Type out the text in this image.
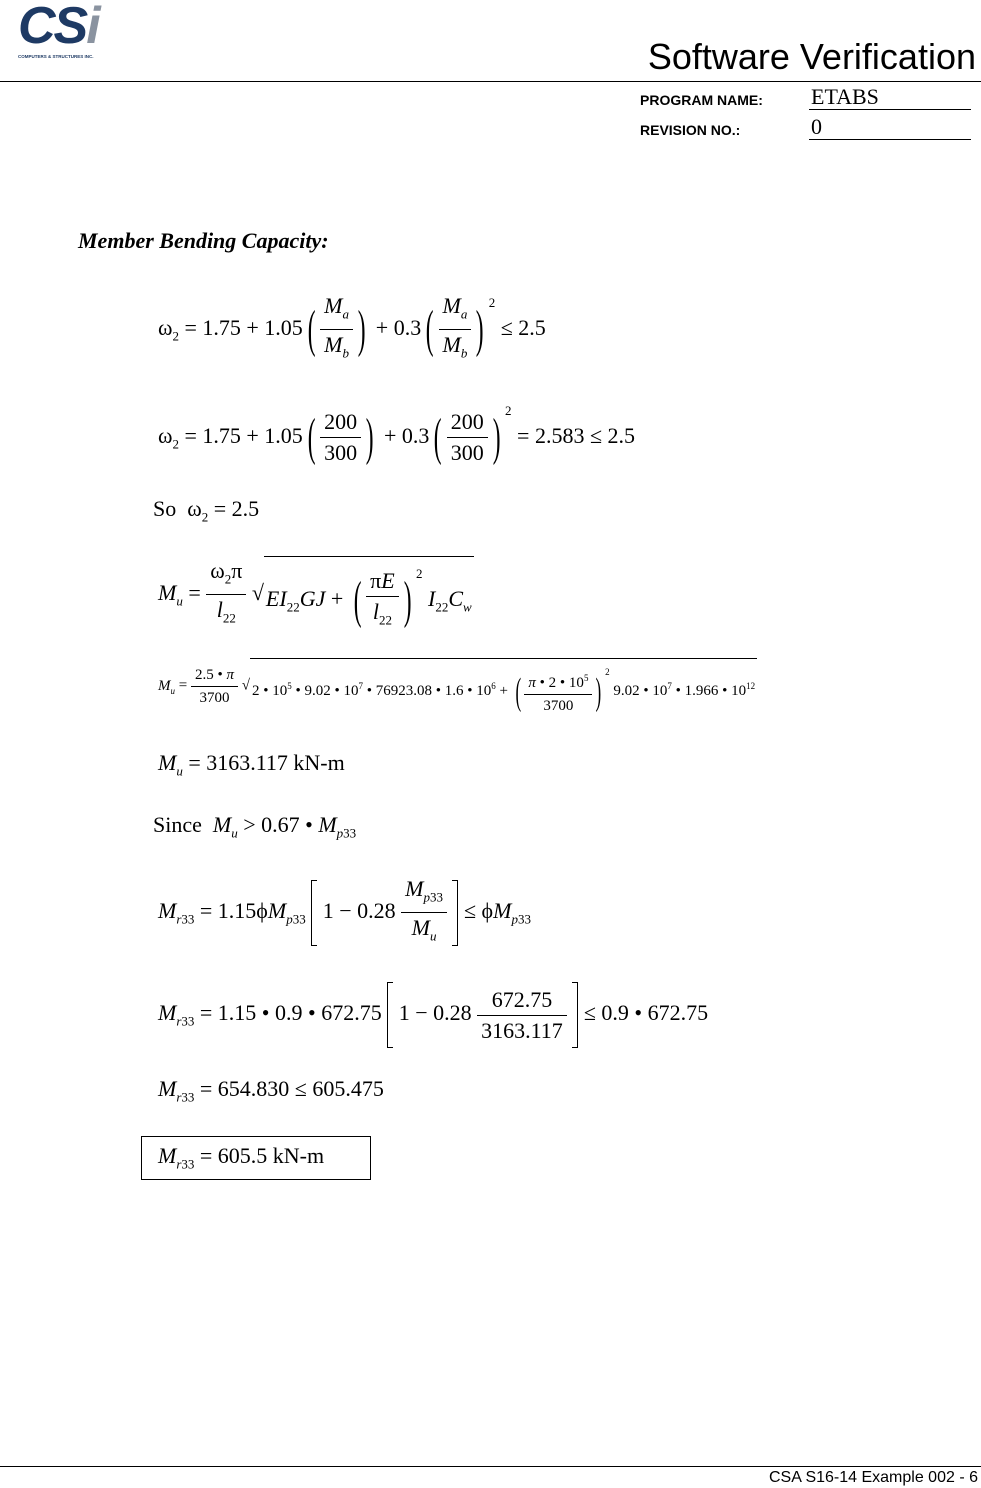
CSi
COMPUTERS & STRUCTURES INC.	Software Verification
PROGRAM NAME: ETABS
REVISION NO.:	0
Member Bending Capacity:
$\omega_2 = 1.75 + 1.05( \frac{M_a}{M_b}$ ) + $0.3( \frac{M_a}{M_b}$ ) $^2$ ≤ 2.5
$\omega_2 = 1.75 + 1.05( \frac{200}{300}$ ) + $0.3( \frac{200}{300}$ ) $^2$ = 2.583 ≤ 2.5
So  $\omega_2 = 2.5$
$M_u = \frac{\omega_2\pi}{l_{22}} √EI_{22}GJ$ + ( $\frac{\pi E}{l_{22}}$ ) $^2$ $I_{22}C_w$
$M_u = \frac{2.5 • \pi}{3700}$ √ 2 • $10^5$ • 9.02 • $10^7$ • 76923.08 • 1.6 • $10^6$ + ( $\frac{\pi • 2 • 10^5}{3700}$ ) $^2$ 9.02 • $10^7$ • 1.966 • $10^{12}$
$M_u = 3163.117$ kN-m
Since $M_u > 0.67$ • $M_{p33}$
$M_{r33} = 1.15\phi M_{p33}$  $1 - 0.28 \frac{M_{p33}}{M_u} \le \phi M_{p33}$
$M_{r33} = 1.15$ • 0.9 • 672.75  $1 - 0.28 \frac{672.75}{3163.117} \le 0.9$ • 672.75
$M_{r33} = 654.830 \le 605.475$
$M_{r33} = 605.5$ kN-m
CSA S16-14 Example 002 - 6
